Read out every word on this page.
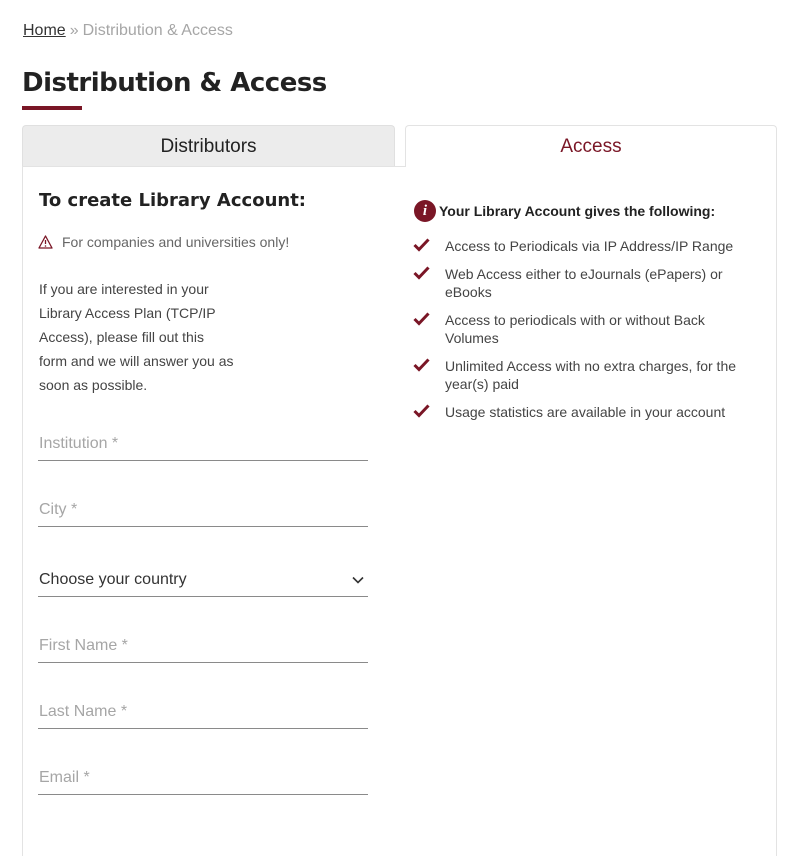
Home » Distribution & Access
Distribution & Access
Distributors	Access
To create Library Account:
For companies and universities only!

If you are interested in your Library Access Plan (TCP/IP Access), please fill out this form and we will answer you as soon as possible.

Institution *
City *
Choose your country
First Name *
Last Name *
Email *
i Your Library Account gives the following:
Access to Periodicals via IP Address/IP Range
Web Access either to eJournals (ePapers) or eBooks
Access to periodicals with or without Back Volumes
Unlimited Access with no extra charges, for the year(s) paid
Usage statistics are available in your account
